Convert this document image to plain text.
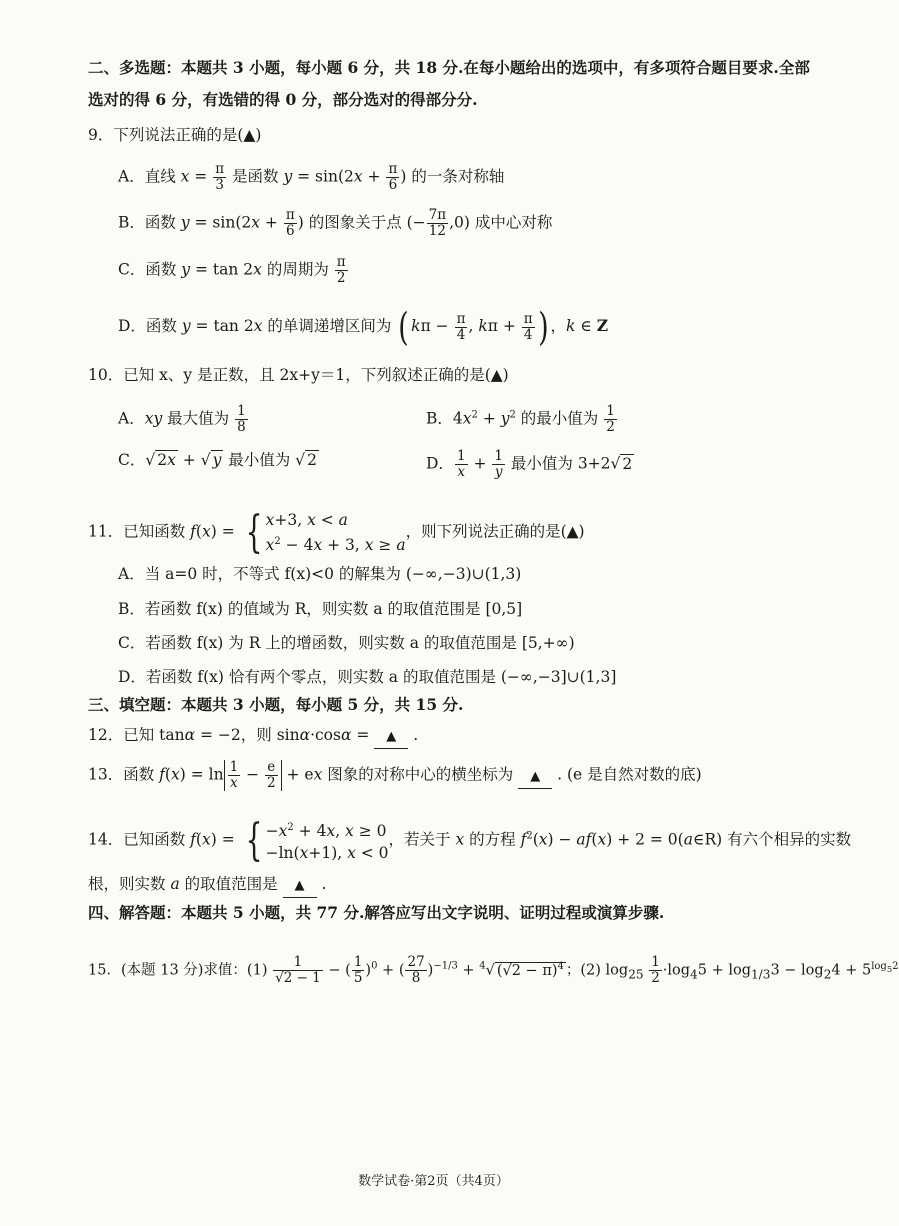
二、多选题：本题共 3 小题，每小题 6 分，共 18 分.在每小题给出的选项中，有多项符合题目要求.全部
选对的得 6 分，有选错的得 0 分，部分选对的得部分分.
9．下列说法正确的是(▲)
A．直线 $x = \frac{\pi}{3}$ 是函数 $y = \sin(2x + \frac{\pi}{6}$ ) 的一条对称轴
B．函数 $y = \sin(2x + \frac{\pi}{6}$ ) 的图象关于点 (− $\frac{7\pi}{12} ,0$) 成中心对称
C．函数 y = tan 2x 的周期为 $\frac{\pi}{2}$
D．函数 y = tan 2x 的单调递增区间为 ( $k\pi - \frac{\pi}{4}$ , $k\pi + \frac{\pi}{4}$ ) ，k ∈ Z
10．已知 x、y 是正数，且 2x+y＝1，下列叙述正确的是(▲)
A．xy 最大值为 $\frac{1}{8}$	B．$4x^2 + y^2$ 的最小值为 $\frac{1}{2}$
C．√ 2x + √ y 最小值为 √ 2	D． $\frac{1}{x} + \frac{1}{y}$ 最小值为 3+2√ 2
11．已知函数 f(x) = { x+3, x < a
$x^2 - 4x + 3$, x ≥ a
，则下列说法正确的是(▲)
A．当 a=0 时，不等式 f(x)<0 的解集为 (−∞,−3)∪(1,3)
B．若函数 f(x) 的值域为 R，则实数 a 的取值范围是 [0,5]
C．若函数 f(x) 为 R 上的增函数，则实数 a 的取值范围是 [5,+∞)
D．若函数 f(x) 恰有两个零点，则实数 a 的取值范围是 (−∞,−3]∪(1,3]
三、填空题：本题共 3 小题，每小题 5 分，共 15 分.
12．已知 tanα = −2，则 sinα·cosα = ▲ .
13．函数 $f(x) = \ln \frac{1}{x} - \frac{e}{2}$ + ex 图象的对称中心的横坐标为 ▲ . (e 是自然对数的底)
14．已知函数 f(x) = { $-x^2 + 4x$, x ≥ 0
−ln(x+1), x < 0
，若关于 x 的方程 $f^2(x) - af(x) + 2$ = 0(a∈R) 有六个相异的实数
根，则实数 a 的取值范围是 ▲ .
四、解答题：本题共 5 小题，共 77 分.解答应写出文字说明、证明过程或演算步骤.
15．(本题 13 分)求值：$(1) \frac{1}{√2 - 1}$ − ( $\frac{1}{5} )^0$ + ( $\frac{27}{8} )^{-1/3} + ^4√$ $(√2 - \pi)^4$ ；(2) $\log_{25} \frac{1}{2} \cdot\log_45 + \log_{1/3}3 - \log_24 + 5^{log_52}$
数学试卷·第2页（共4页）
